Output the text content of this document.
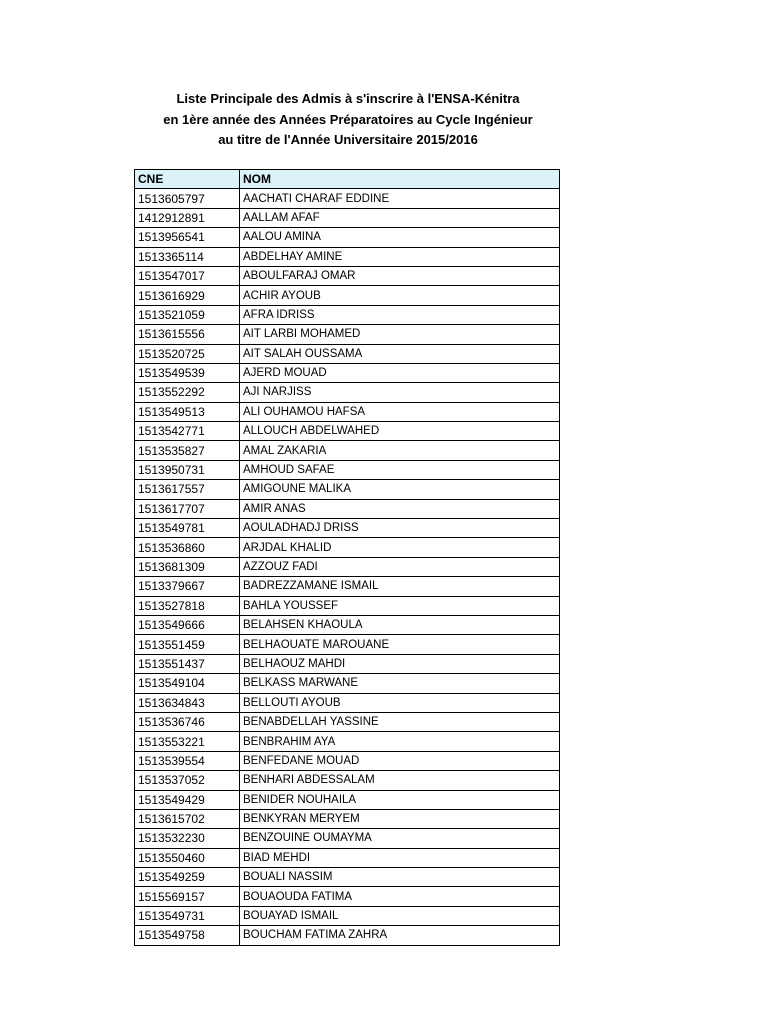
Liste Principale des Admis à s'inscrire à l'ENSA-Kénitra
en 1ère année des Années Préparatoires au Cycle Ingénieur
au titre de l'Année Universitaire 2015/2016
CNE	NOM
1513605797	AACHATI CHARAF EDDINE
1412912891	AALLAM AFAF
1513956541	AALOU AMINA
1513365114	ABDELHAY AMINE
1513547017	ABOULFARAJ OMAR
1513616929	ACHIR AYOUB
1513521059	AFRA IDRISS
1513615556	AIT LARBI MOHAMED
1513520725	AIT SALAH OUSSAMA
1513549539	AJERD MOUAD
1513552292	AJI NARJISS
1513549513	ALI OUHAMOU HAFSA
1513542771	ALLOUCH ABDELWAHED
1513535827	AMAL ZAKARIA
1513950731	AMHOUD SAFAE
1513617557	AMIGOUNE MALIKA
1513617707	AMIR ANAS
1513549781	AOULADHADJ DRISS
1513536860	ARJDAL KHALID
1513681309	AZZOUZ FADI
1513379667	BADREZZAMANE ISMAIL
1513527818	BAHLA YOUSSEF
1513549666	BELAHSEN KHAOULA
1513551459	BELHAOUATE MAROUANE
1513551437	BELHAOUZ MAHDI
1513549104	BELKASS MARWANE
1513634843	BELLOUTI AYOUB
1513536746	BENABDELLAH YASSINE
1513553221	BENBRAHIM AYA
1513539554	BENFEDANE MOUAD
1513537052	BENHARI ABDESSALAM
1513549429	BENIDER NOUHAILA
1513615702	BENKYRAN MERYEM
1513532230	BENZOUINE OUMAYMA
1513550460	BIAD MEHDI
1513549259	BOUALI NASSIM
1515569157	BOUAOUDA FATIMA
1513549731	BOUAYAD ISMAIL
1513549758	BOUCHAM FATIMA ZAHRA
